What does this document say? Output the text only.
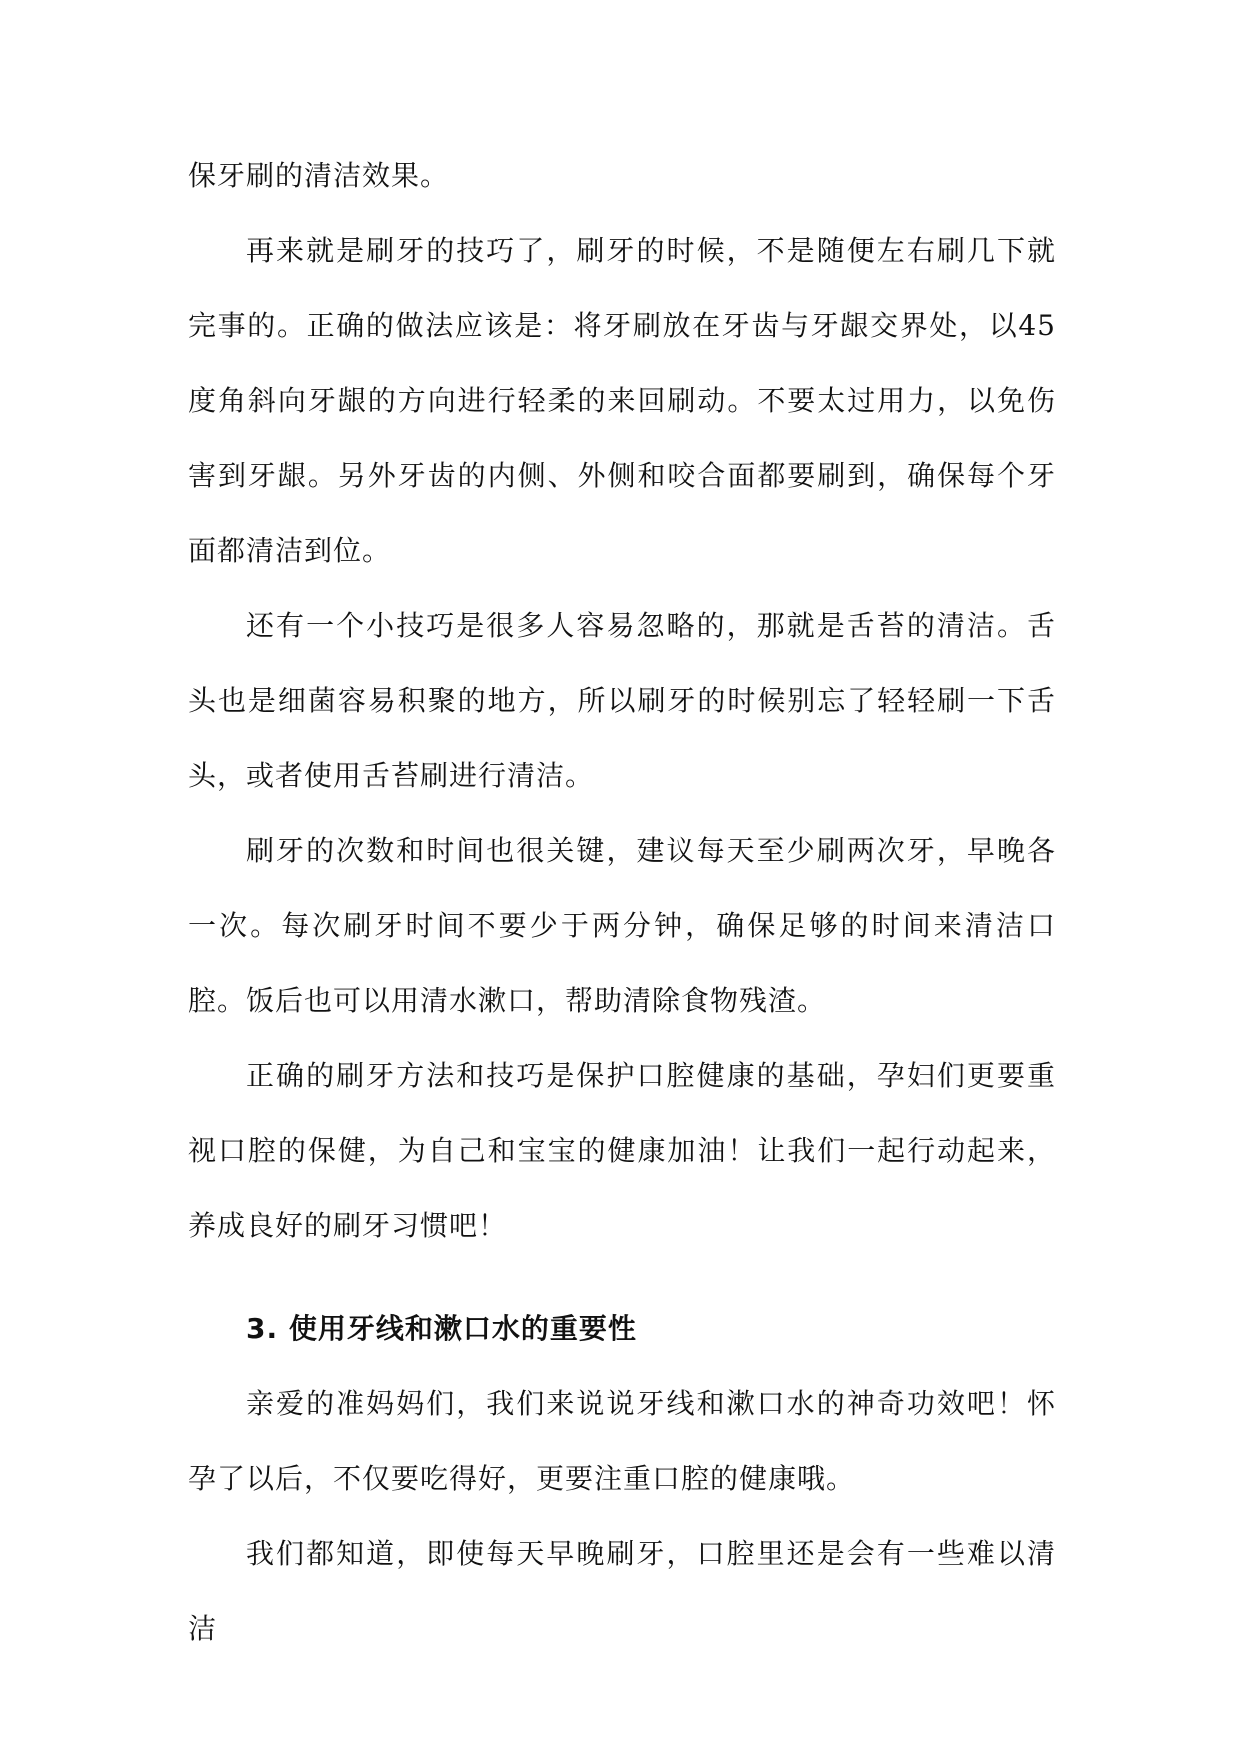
保牙刷的清洁效果。

再来就是刷牙的技巧了，刷牙的时候，不是随便左右刷几下就完事的。正确的做法应该是：将牙刷放在牙齿与牙龈交界处，以45度角斜向牙龈的方向进行轻柔的来回刷动。不要太过用力，以免伤害到牙龈。另外牙齿的内侧、外侧和咬合面都要刷到，确保每个牙面都清洁到位。

还有一个小技巧是很多人容易忽略的，那就是舌苔的清洁。舌头也是细菌容易积聚的地方，所以刷牙的时候别忘了轻轻刷一下舌头，或者使用舌苔刷进行清洁。

刷牙的次数和时间也很关键，建议每天至少刷两次牙，早晚各一次。每次刷牙时间不要少于两分钟，确保足够的时间来清洁口腔。饭后也可以用清水漱口，帮助清除食物残渣。

正确的刷牙方法和技巧是保护口腔健康的基础，孕妇们更要重视口腔的保健，为自己和宝宝的健康加油！让我们一起行动起来，养成良好的刷牙习惯吧！

3. 使用牙线和漱口水的重要性

亲爱的准妈妈们，我们来说说牙线和漱口水的神奇功效吧！怀孕了以后，不仅要吃得好，更要注重口腔的健康哦。

我们都知道，即使每天早晚刷牙，口腔里还是会有一些难以清洁
